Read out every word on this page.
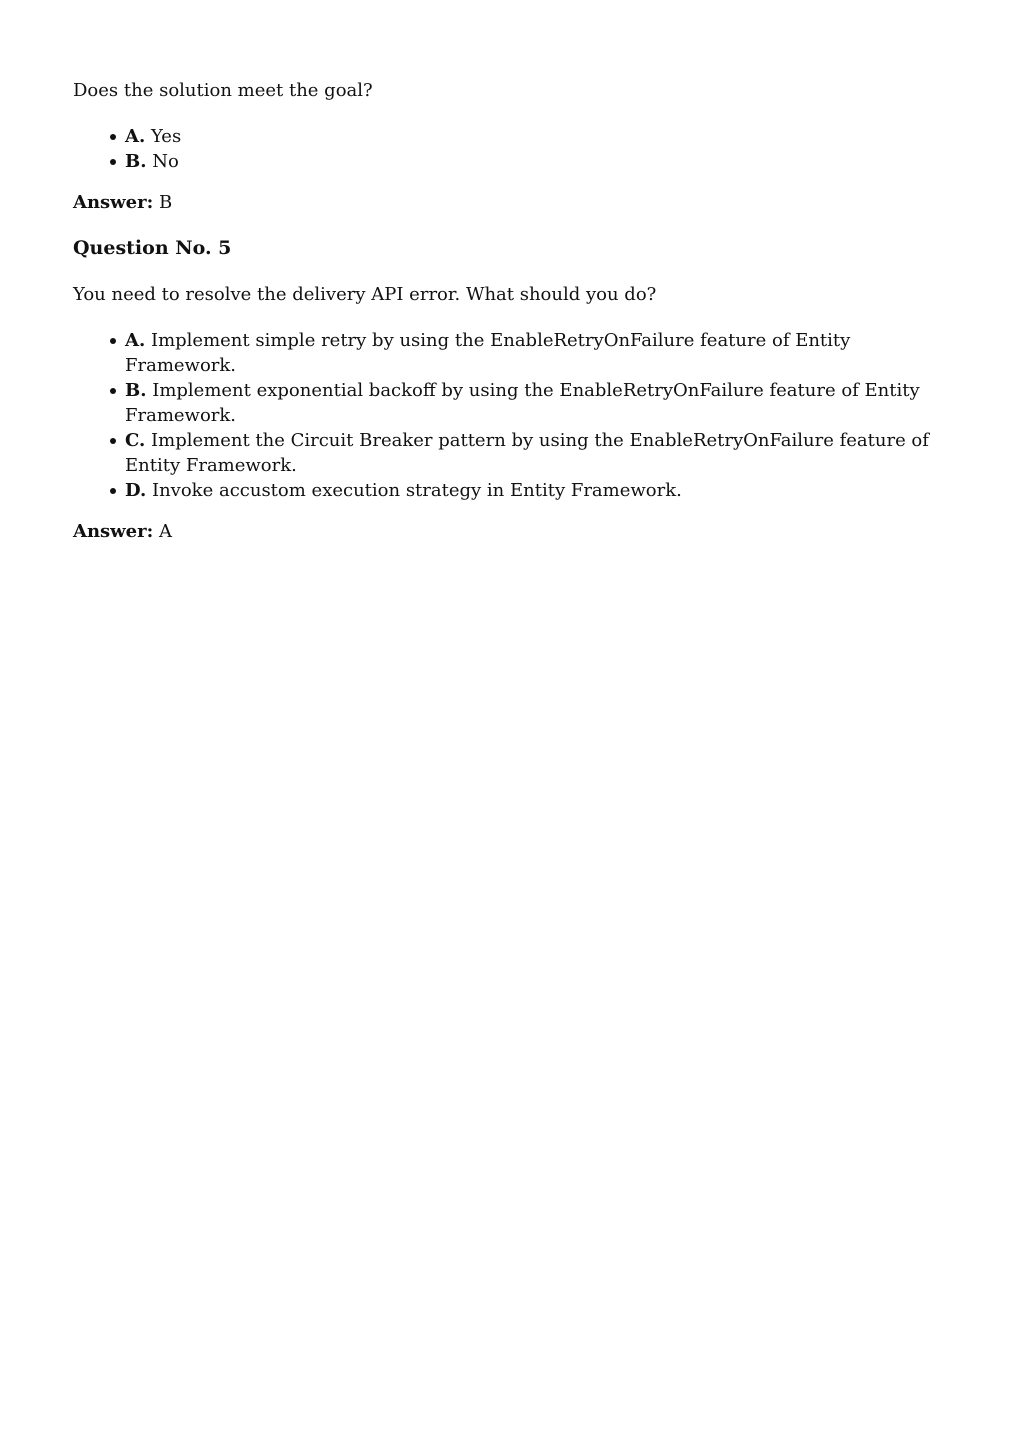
Does the solution meet the goal?

A. Yes
B. No

Answer: B

Question No. 5

You need to resolve the delivery API error. What should you do?

A. Implement simple retry by using the EnableRetryOnFailure feature of Entity Framework.
B. Implement exponential backoff by using the EnableRetryOnFailure feature of Entity Framework.
C. Implement the Circuit Breaker pattern by using the EnableRetryOnFailure feature of Entity Framework.
D. Invoke accustom execution strategy in Entity Framework.

Answer: A
